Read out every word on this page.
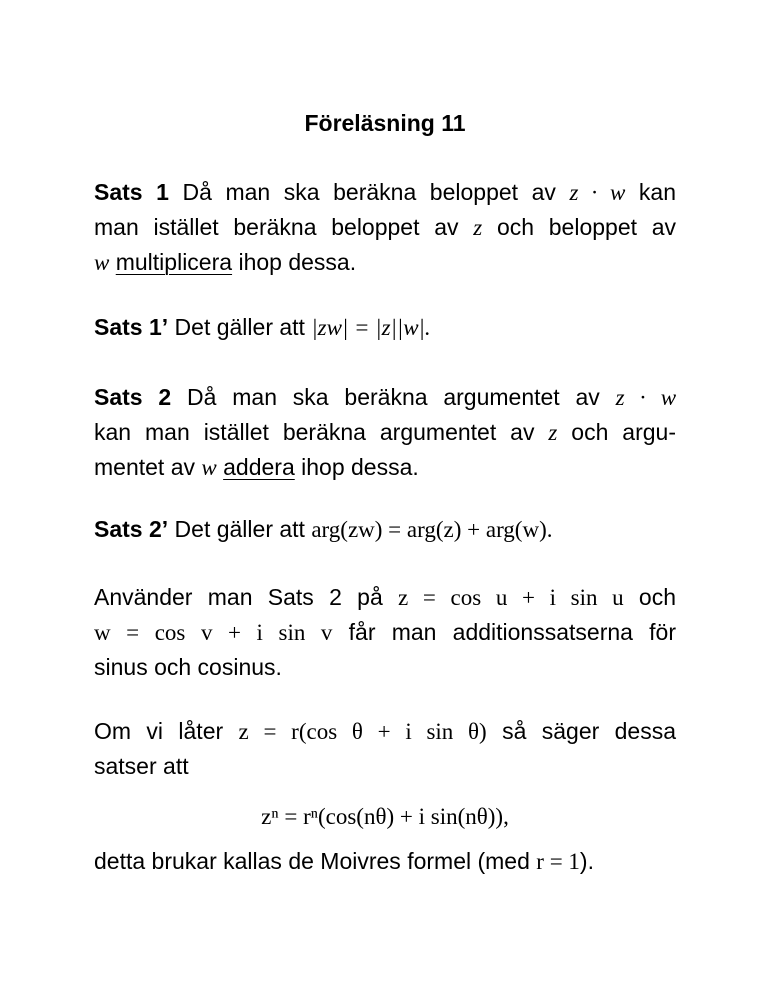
Föreläsning 11
Sats 1 Då man ska beräkna beloppet av z · w kan
man istället beräkna beloppet av z och beloppet av
w multiplicera ihop dessa.
Sats 1’ Det gäller att |zw| = |z||w|.
Sats 2 Då man ska beräkna argumentet av z · w
kan man istället beräkna argumentet av z och argu-
mentet av w addera ihop dessa.
Sats 2’ Det gäller att arg(zw) = arg(z) + arg(w).
Använder man Sats 2 på z = cos u + i sin u och
w = cos v + i sin v får man additionssatserna för
sinus och cosinus.
Om vi låter z = r(cos θ + i sin θ) så säger dessa
satser att
zⁿ = rⁿ(cos(nθ) + i sin(nθ)),
detta brukar kallas de Moivres formel (med r = 1).
